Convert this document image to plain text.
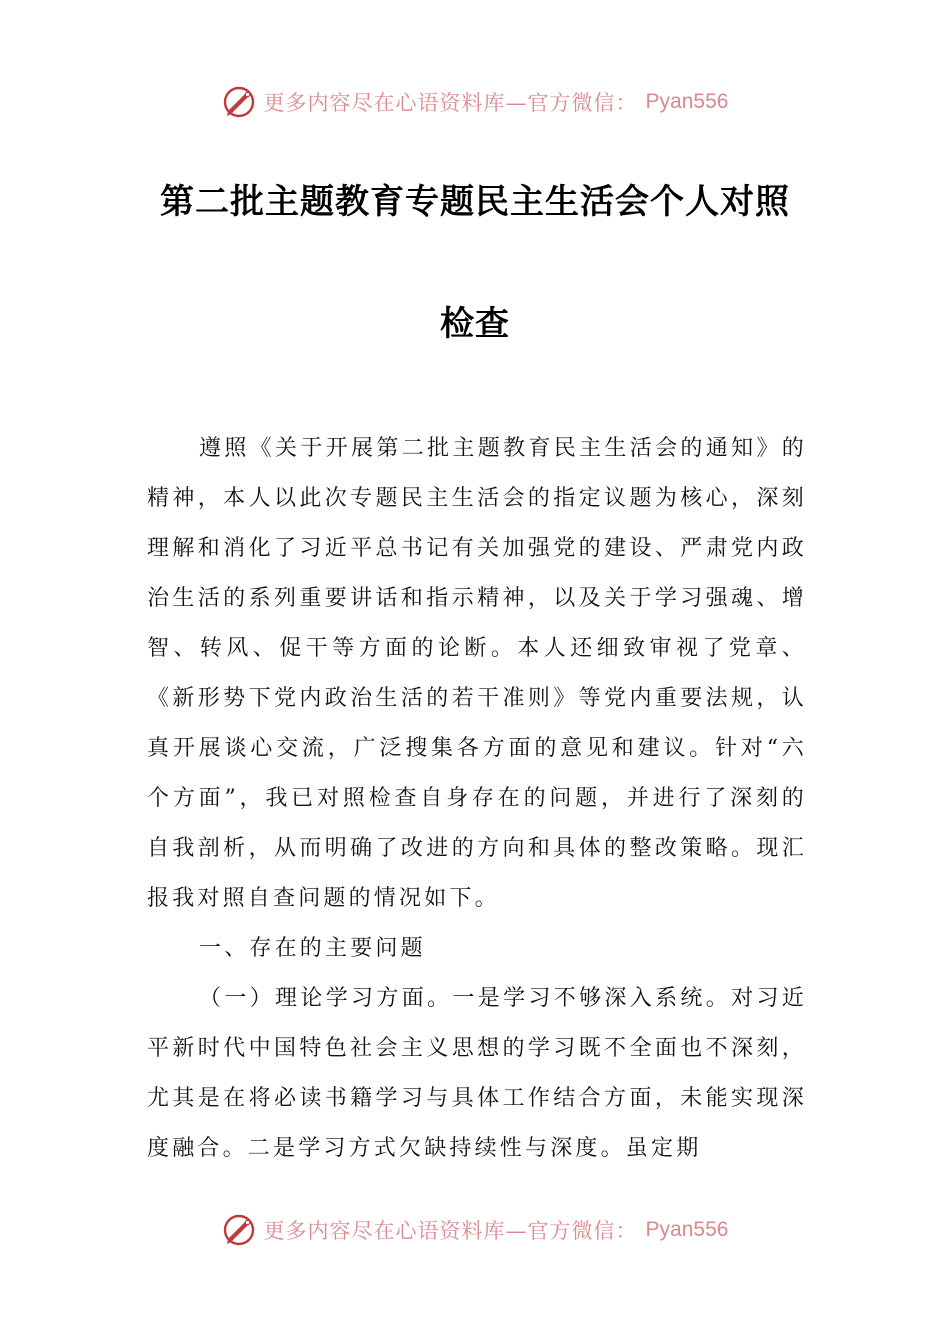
更多内容尽在心语资料库—官方微信： Pyan556
第二批主题教育专题民主生活会个人对照
检查

遵照《关于开展第二批主题教育民主生活会的通知》的精神，本人以此次专题民主生活会的指定议题为核心，深刻理解和消化了习近平总书记有关加强党的建设、严肃党内政治生活的系列重要讲话和指示精神，以及关于学习强魂、增智、转风、促干等方面的论断。本人还细致审视了党章、《新形势下党内政治生活的若干准则》等党内重要法规，认真开展谈心交流，广泛搜集各方面的意见和建议。针对“六个方面”，我已对照检查自身存在的问题，并进行了深刻的自我剖析，从而明确了改进的方向和具体的整改策略。现汇报我对照自查问题的情况如下。

一、存在的主要问题

（一）理论学习方面。一是学习不够深入系统。对习近平新时代中国特色社会主义思想的学习既不全面也不深刻，尤其是在将必读书籍学习与具体工作结合方面，未能实现深度融合。二是学习方式欠缺持续性与深度。虽定期

更多内容尽在心语资料库—官方微信： Pyan556
